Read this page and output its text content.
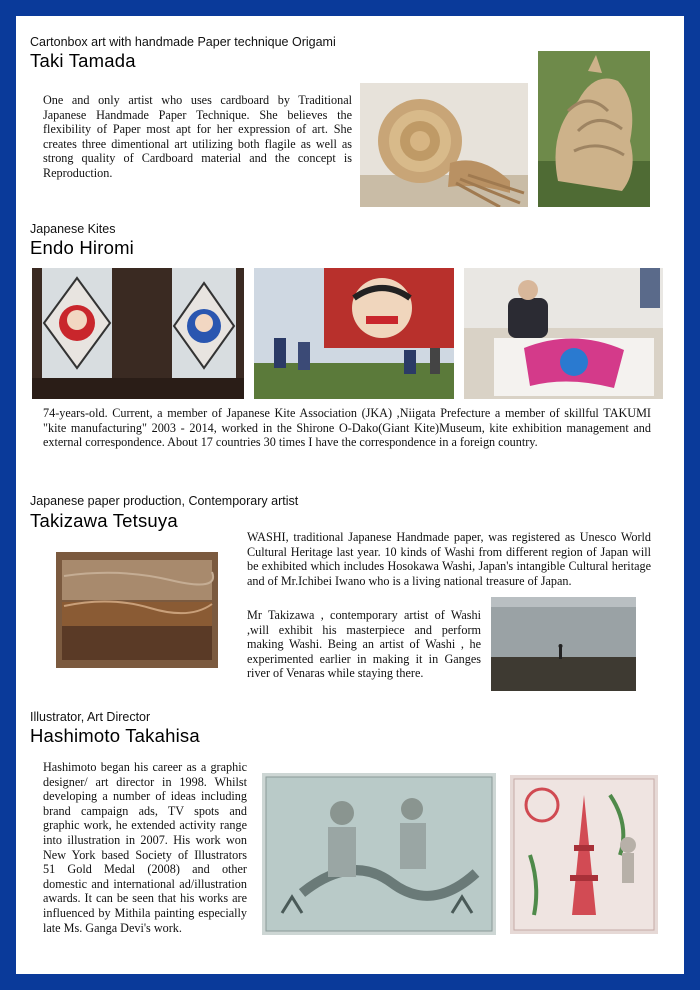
Cartonbox art with handmade Paper technique Origami
Taki Tamada

One and only artist who uses cardboard by Traditional Japanese Handmade Paper Technique. She believes the flexibility of Paper most apt for her expression of art. She creates three dimentional art utilizing both flagile as well as strong quality of Cardboard material and the concept is Reproduction.

Japanese Kites
Endo Hiromi

74-years-old. Current, a member of Japanese Kite Association (JKA) ,Niigata Prefecture a member of skillful TAKUMI "kite manufacturing" 2003 - 2014, worked in the Shirone O-Dako(Giant Kite)Museum, kite exhibition management and external correspondence. About 17 countries 30 times I have the correspondence in a foreign country.

Japanese paper production, Contemporary artist
Takizawa Tetsuya

WASHI, traditional Japanese Handmade paper, was registered as Unesco World Cultural Heritage last year. 10 kinds of Washi from different region of Japan will be exhibited which includes Hosokawa Washi, Japan's intangible Cultural heritage and of Mr.Ichibei Iwano who is a living national treasure of Japan.

Mr Takizawa , contemporary artist of Washi ,will exhibit his masterpiece and perform making Washi. Being an artist of Washi , he experimented earlier in making it in Ganges river of Venaras while staying there.

Illustrator, Art Director
Hashimoto Takahisa

Hashimoto began his career as a graphic designer/ art director in 1998. Whilst developing a number of ideas including brand campaign ads, TV spots and graphic work, he extended activity range into illustration in 2007. His work won New York based Society of Illustrators 51 Gold Medal (2008) and other domestic and international ad/illustration awards. It can be seen that his works are influenced by Mithila painting especially late Ms. Ganga Devi's work.
